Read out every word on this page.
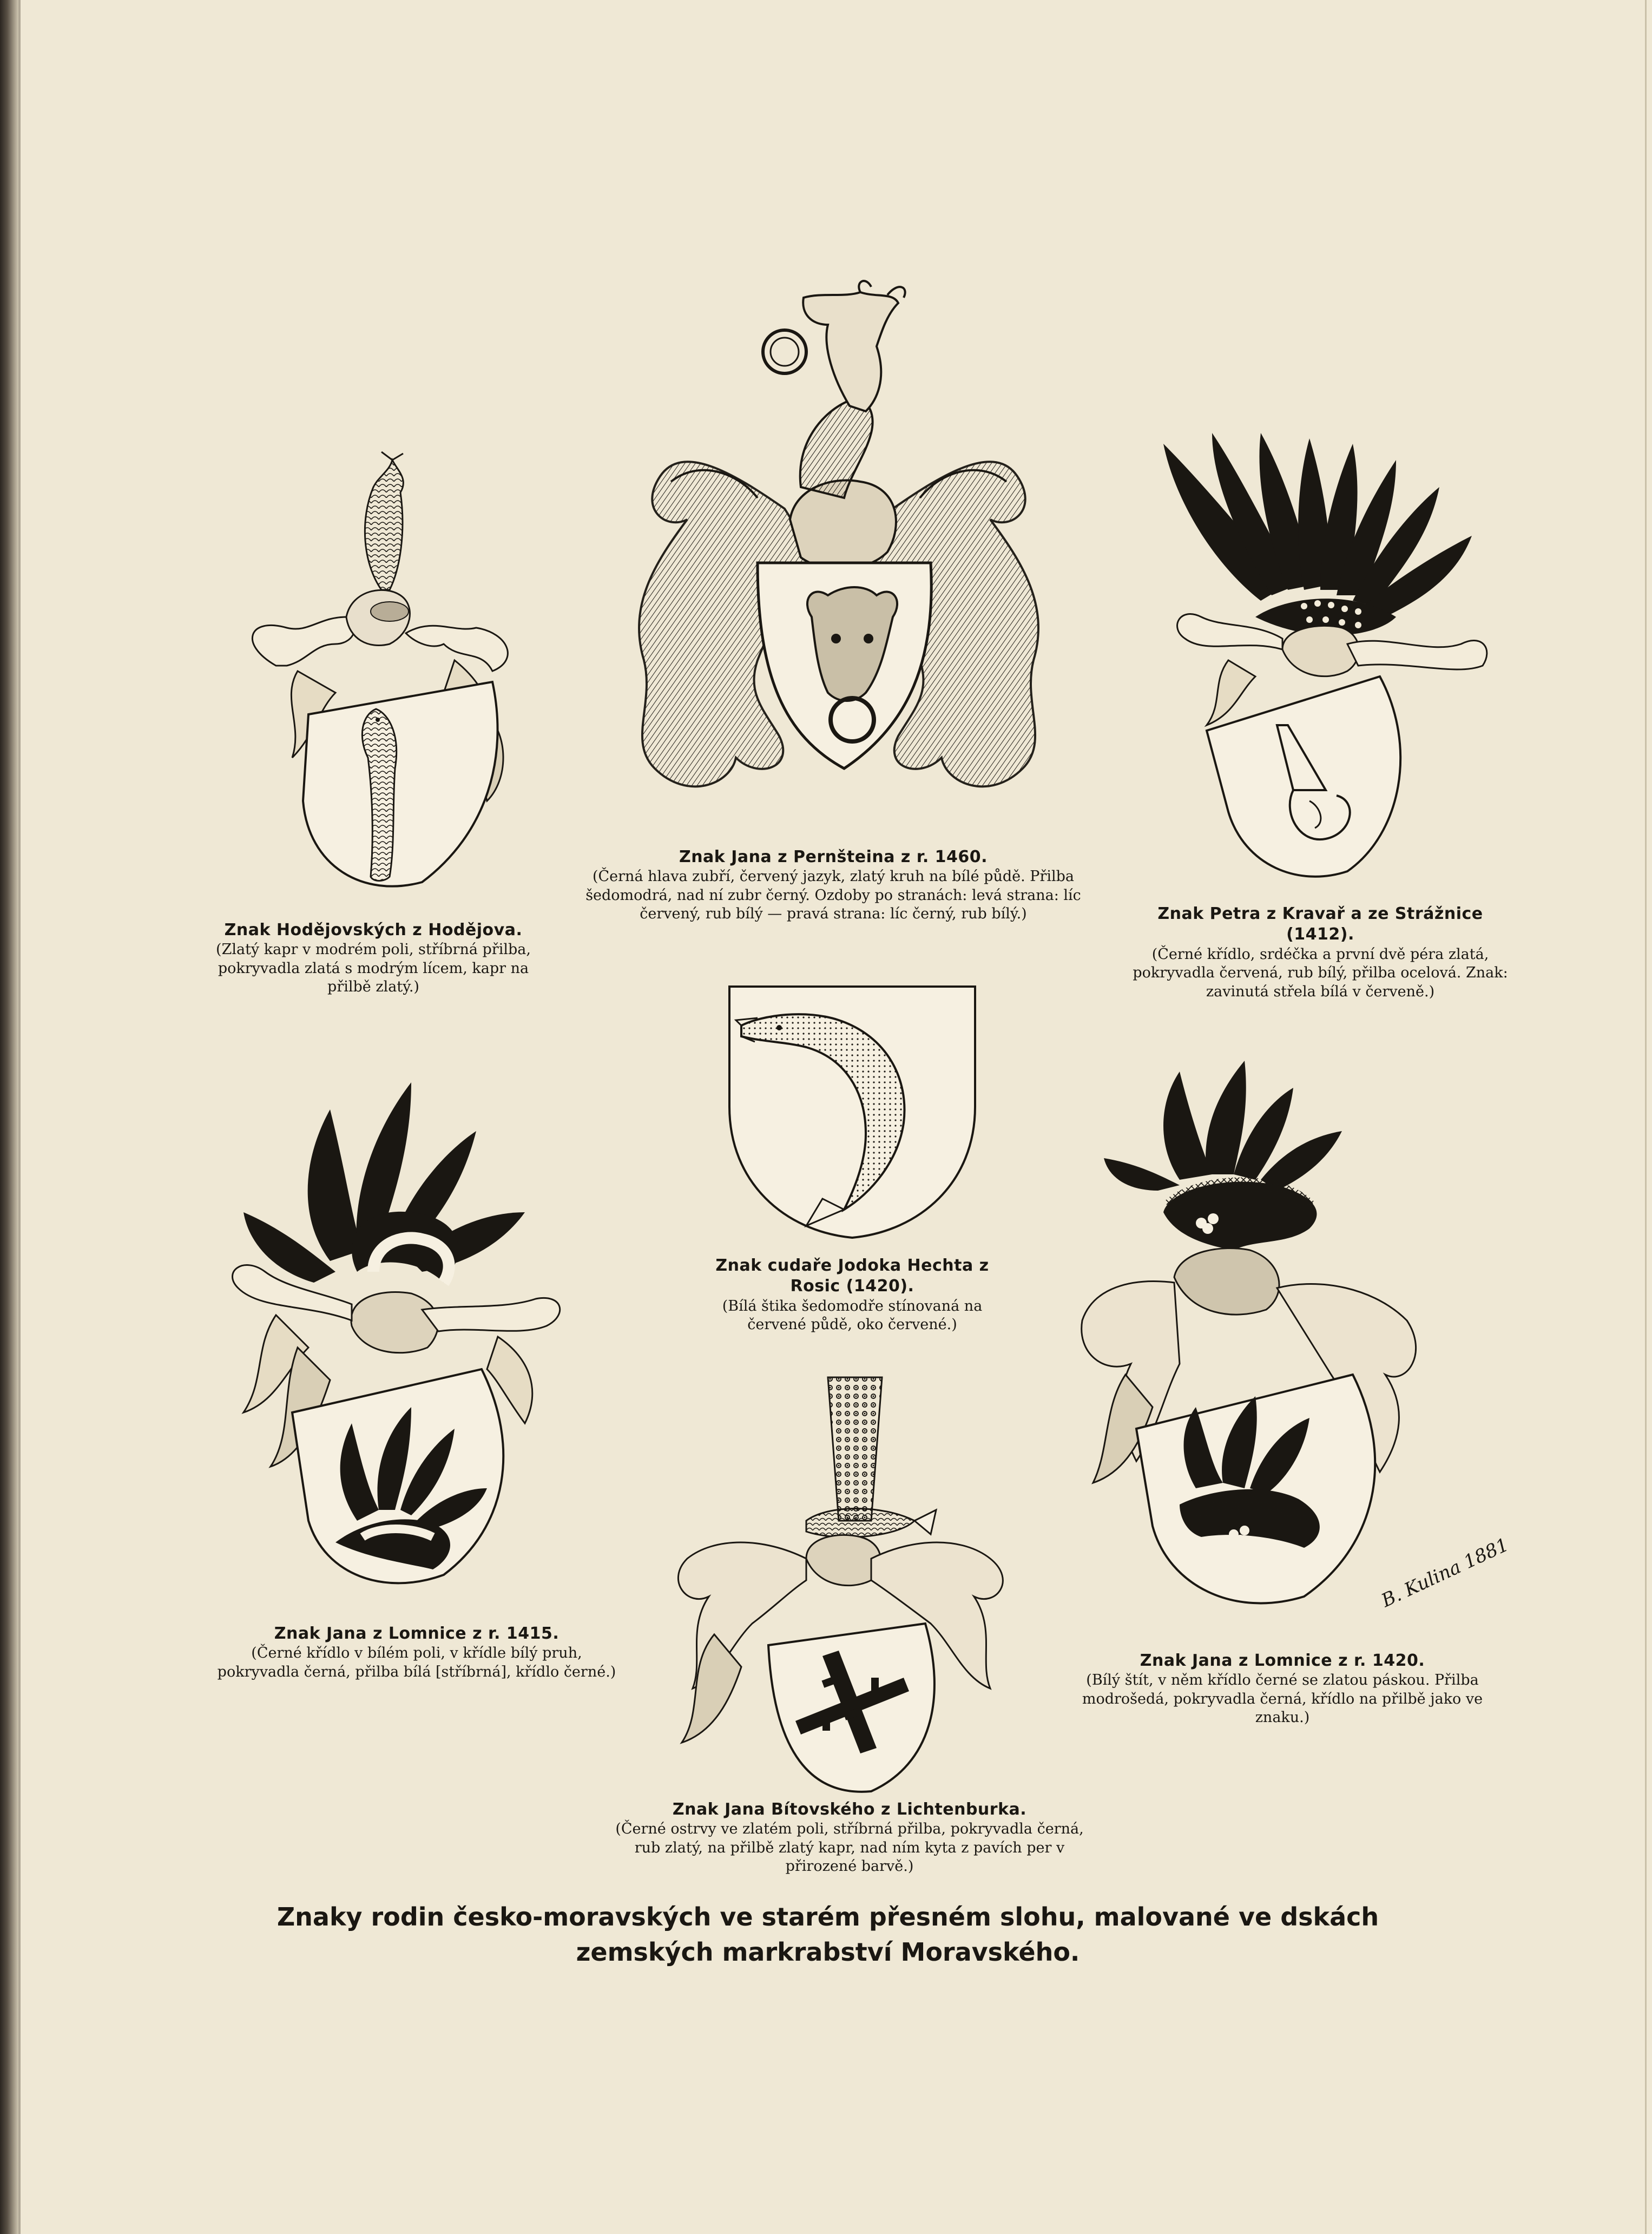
Znak Hodějovských z Hodějova.
(Zlatý kapr v modrém poli, stříbrná přilba, pokryvadla zlatá s modrým lícem, kapr na přilbě zlatý.)
Znak Jana z Pernšteina z r. 1460.
(Černá hlava zubří, červený jazyk, zlatý kruh na bílé půdě. Přilba šedomodrá, nad ní zubr černý. Ozdoby po stranách: levá strana: líc červený, rub bílý — pravá strana: líc černý, rub bílý.)	Znak Petra z Kravař a ze Strážnice (1412).
(Černé křídlo, srdéčka a první dvě péra zlatá, pokryvadla červená, rub bílý, přilba ocelová. Znak: zavinutá střela bílá v červeně.)
Znak cudaře Jodoka Hechta z Rosic (1420).
(Bílá štika šedomodře stínovaná na červené půdě, oko červené.)
Znak Jana z Lomnice z r. 1415.
(Černé křídlo v bílém poli, v křídle bílý pruh, pokryvadla černá, přilba bílá [stříbrná], křídlo černé.)
B. Kulina 1881
Znak Jana z Lomnice z r. 1420.
(Bílý štít, v něm křídlo černé se zlatou páskou. Přilba modrošedá, pokryvadla černá, křídlo na přilbě jako ve znaku.)
Znak Jana Bítovského z Lichtenburka.
(Černé ostrvy ve zlatém poli, stříbrná přilba, pokryvadla černá, rub zlatý, na přilbě zlatý kapr, nad ním kyta z pavích per v přirozené barvě.)
Znaky rodin česko-moravských ve starém přesném slohu, malované ve dskách zemských markrabství Moravského.
